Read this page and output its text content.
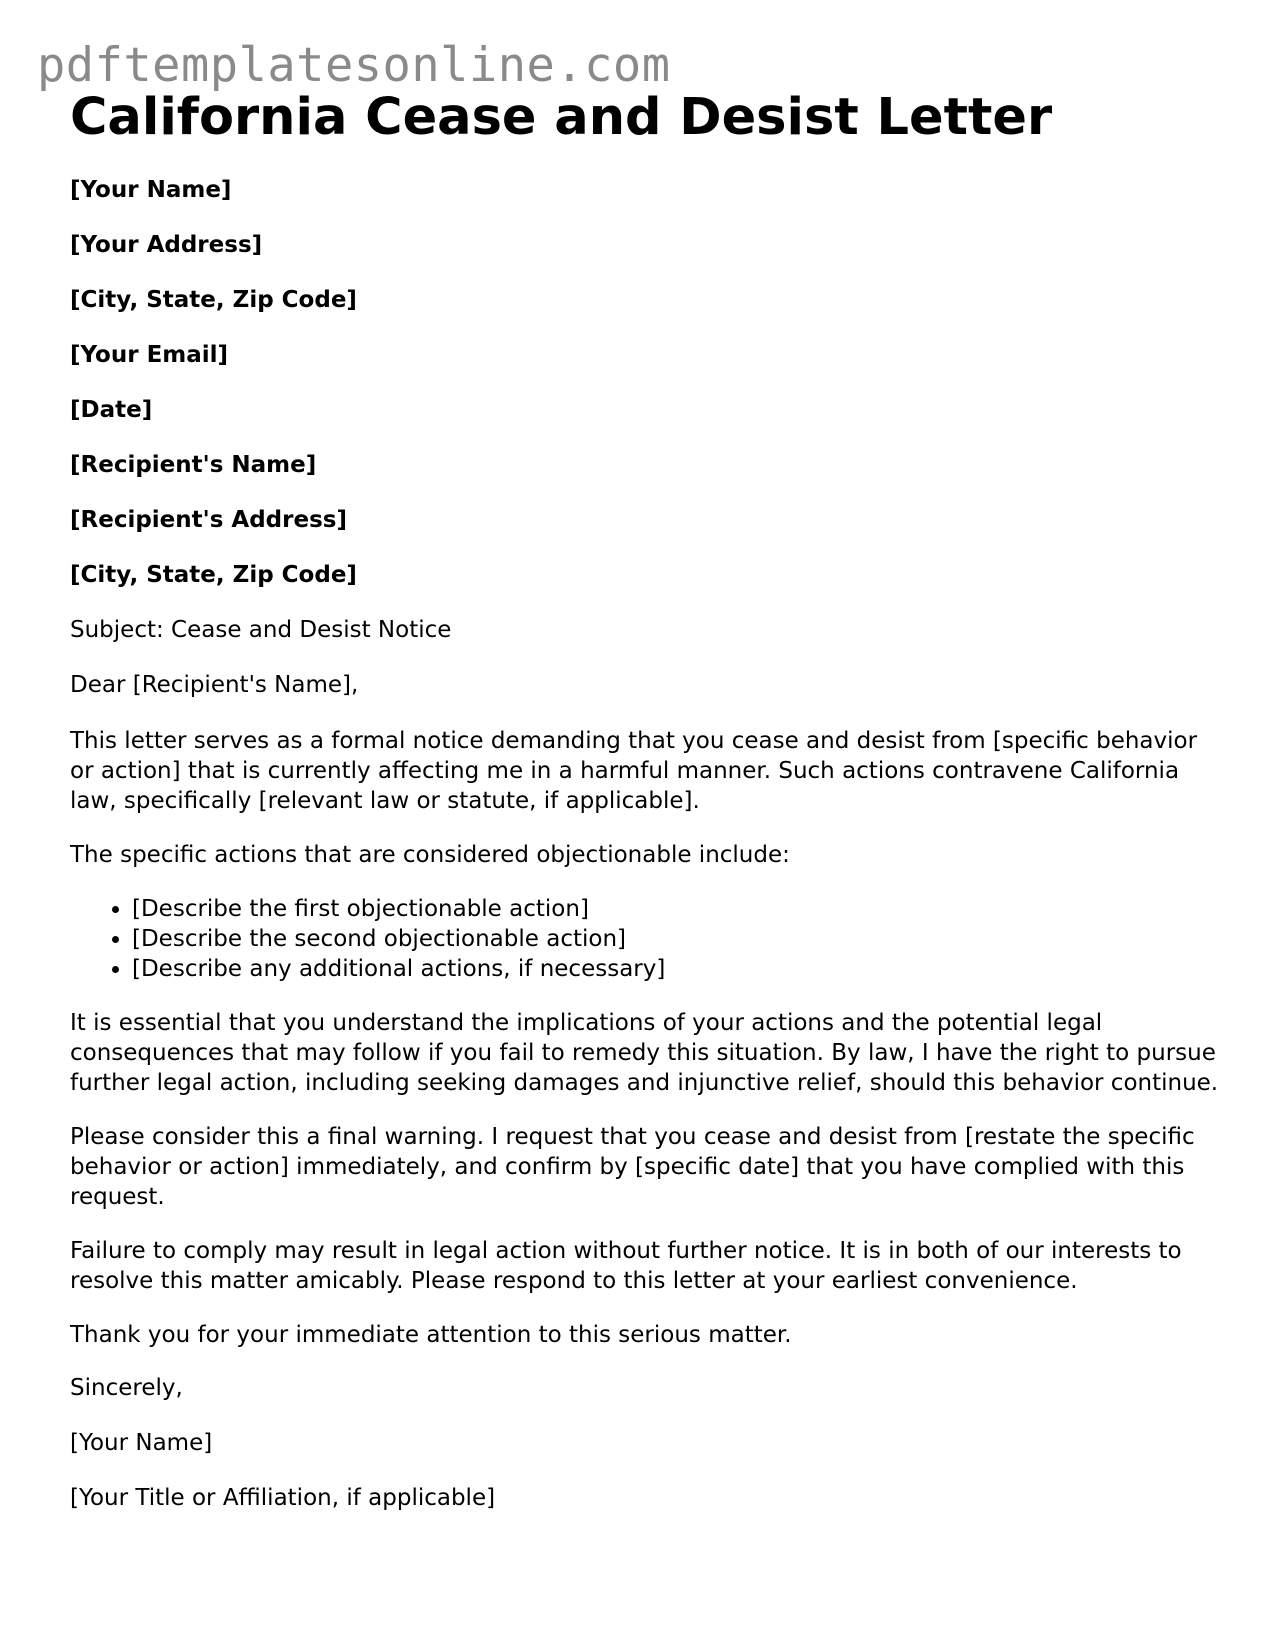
pdftemplatesonline.com
California Cease and Desist Letter
[Your Name]
[Your Address]
[City, State, Zip Code]
[Your Email]
[Date]
[Recipient's Name]
[Recipient's Address]
[City, State, Zip Code]
Subject: Cease and Desist Notice
Dear [Recipient's Name],

This letter serves as a formal notice demanding that you cease and desist from [specific behavior or action] that is currently affecting me in a harmful manner. Such actions contravene California law, specifically [relevant law or statute, if applicable].

The specific actions that are considered objectionable include:

• [Describe the first objectionable action]
• [Describe the second objectionable action]
• [Describe any additional actions, if necessary]

It is essential that you understand the implications of your actions and the potential legal consequences that may follow if you fail to remedy this situation. By law, I have the right to pursue further legal action, including seeking damages and injunctive relief, should this behavior continue.

Please consider this a final warning. I request that you cease and desist from [restate the specific behavior or action] immediately, and confirm by [specific date] that you have complied with this request.

Failure to comply may result in legal action without further notice. It is in both of our interests to resolve this matter amicably. Please respond to this letter at your earliest convenience.

Thank you for your immediate attention to this serious matter.

Sincerely,
[Your Name]
[Your Title or Affiliation, if applicable]
